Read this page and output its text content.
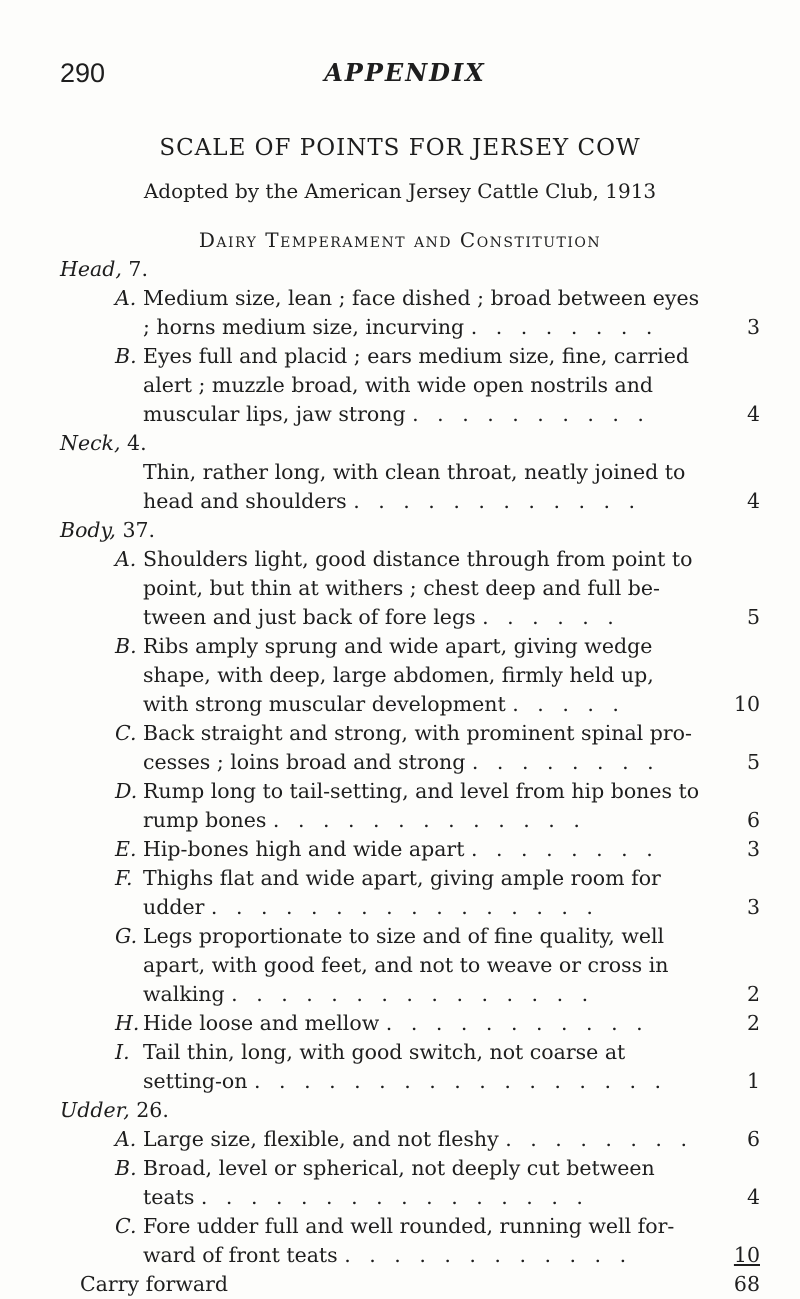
290	APPENDIX
SCALE OF POINTS FOR JERSEY COW
Adopted by the American Jersey Cattle Club, 1913
Dairy Temperament and Constitution
Head, 7.
A. Medium size, lean ; face dished ; broad between eyes ; horns medium size, incurving . . . . . . . .	3
B. Eyes full and placid ; ears medium size, fine, carried alert ; muzzle broad, with wide open nostrils and muscular lips, jaw strong . . . . . . . . . .	4
Neck, 4.
Thin, rather long, with clean throat, neatly joined to head and shoulders . . . . . . . . . . . .	4
Body, 37.
A. Shoulders light, good distance through from point to point, but thin at withers ; chest deep and full be-tween and just back of fore legs . . . . . .	5
B. Ribs amply sprung and wide apart, giving wedge shape, with deep, large abdomen, firmly held up, with strong muscular development . . . . .	10
C. Back straight and strong, with prominent spinal pro-cesses ; loins broad and strong . . . . . . . .	5
D. Rump long to tail-setting, and level from hip bones to rump bones . . . . . . . . . . . . .	6
E. Hip-bones high and wide apart . . . . . . . .	3
F. Thighs flat and wide apart, giving ample room for udder . . . . . . . . . . . . . . . .	3
G. Legs proportionate to size and of fine quality, well apart, with good feet, and not to weave or cross in walking . . . . . . . . . . . . . . .	2
H. Hide loose and mellow . . . . . . . . . . .	2
I. Tail thin, long, with good switch, not coarse at setting-on . . . . . . . . . . . . . . . . .	1
Udder, 26.
A. Large size, flexible, and not fleshy . . . . . . . .	6
B. Broad, level or spherical, not deeply cut between teats . . . . . . . . . . . . . . . .	4
C. Fore udder full and well rounded, running well for-ward of front teats . . . . . . . . . . . .	10
Carry forward	68
